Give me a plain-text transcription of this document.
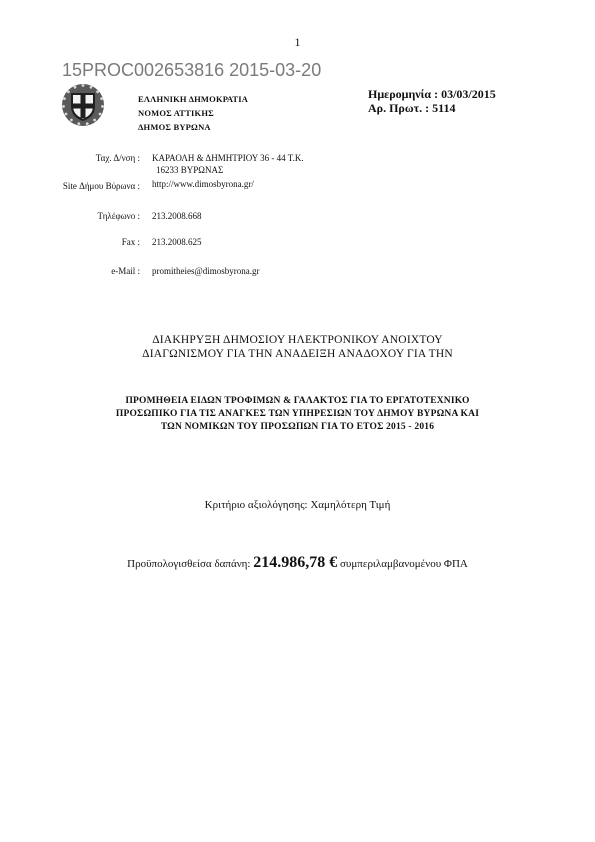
1
15PROC002653816 2015-03-20
ΕΛΛΗΝΙΚΗ ΔΗΜΟΚΡΑΤΙΑ
ΝΟΜΟΣ ΑΤΤΙΚΗΣ
ΔΗΜΟΣ ΒΥΡΩΝΑ
Ημερομηνία : 03/03/2015
Αρ. Πρωτ. : 5114
Ταχ. Δ/νση : ΚΑΡΑΟΛΗ & ΔΗΜΗΤΡΙΟΥ 36 - 44 Τ.Κ.
16233 ΒΥΡΩΝΑΣ
Site Δήμου Βύρωνα : http://www.dimosbyrona.gr/
Τηλέφωνο : 213.2008.668
Fax : 213.2008.625
e-Mail : promitheies@dimosbyrona.gr
ΔΙΑΚΗΡΥΞΗ ΔΗΜΟΣΙΟΥ ΗΛΕΚΤΡΟΝΙΚΟΥ ΑΝΟΙΧΤΟΥ
ΔΙΑΓΩΝΙΣΜΟΥ ΓΙΑ ΤΗΝ ΑΝΑΔΕΙΞΗ ΑΝΑΔΟΧΟΥ ΓΙΑ ΤΗΝ
ΠΡΟΜΗΘΕΙΑ ΕΙΔΩΝ ΤΡΟΦΙΜΩΝ & ΓΑΛΑΚΤΟΣ ΓΙΑ ΤΟ ΕΡΓΑΤΟΤΕΧΝΙΚΟ
ΠΡΟΣΩΠΙΚΟ ΓΙΑ ΤΙΣ ΑΝΑΓΚΕΣ ΤΩΝ ΥΠΗΡΕΣΙΩΝ ΤΟΥ ΔΗΜΟΥ ΒΥΡΩΝΑ ΚΑΙ
ΤΩΝ ΝΟΜΙΚΩΝ ΤΟΥ ΠΡΟΣΩΠΩΝ ΓΙΑ ΤΟ ΕΤΟΣ 2015 - 2016
Κριτήριο αξιολόγησης: Χαμηλότερη Τιμή
Προϋπολογισθείσα δαπάνη: 214.986,78 € συμπεριλαμβανομένου ΦΠΑ
